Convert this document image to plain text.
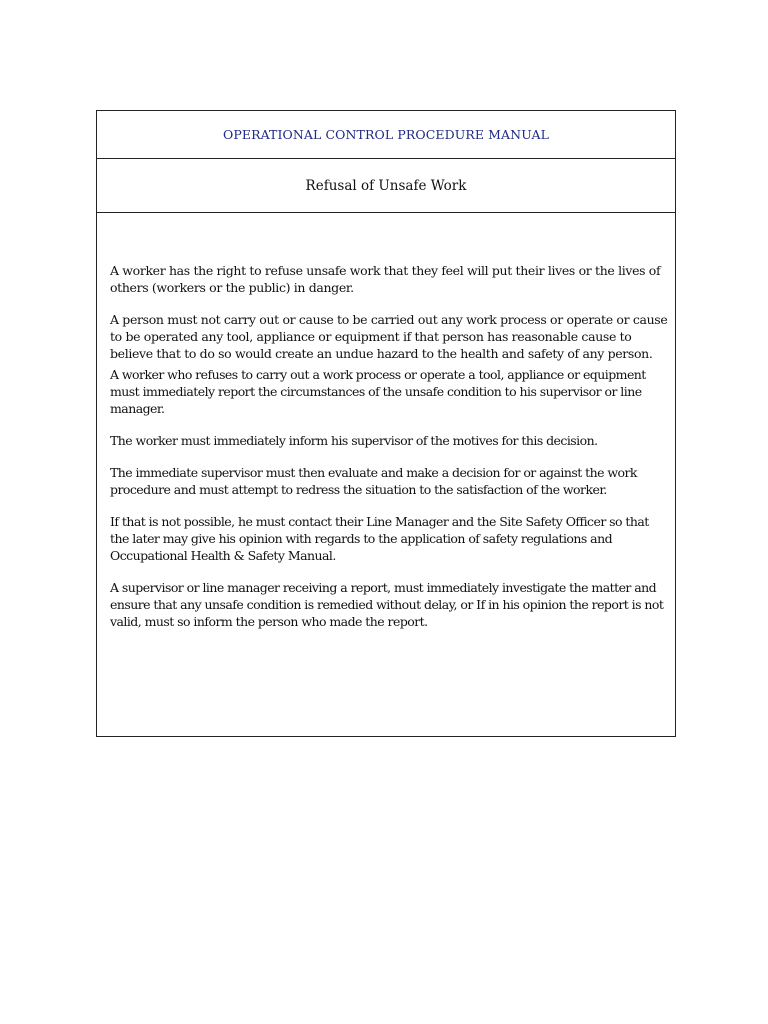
OPERATIONAL CONTROL PROCEDURE MANUAL
Refusal of Unsafe Work

A worker has the right to refuse unsafe work that they feel will put their lives or the lives of others (workers or the public) in danger.

A person must not carry out or cause to be carried out any work process or operate or cause to be operated any tool, appliance or equipment if that person has reasonable cause to believe that to do so would create an undue hazard to the health and safety of any person.

A worker who refuses to carry out a work process or operate a tool, appliance or equipment must immediately report the circumstances of the unsafe condition to his supervisor or line manager.

The worker must immediately inform his supervisor of the motives for this decision.

The immediate supervisor must then evaluate and make a decision for or against the work procedure and must attempt to redress the situation to the satisfaction of the worker.

If that is not possible, he must contact their Line Manager and the Site Safety Officer so that the later may give his opinion with regards to the application of safety regulations and Occupational Health & Safety Manual.

A supervisor or line manager receiving a report, must immediately investigate the matter and ensure that any unsafe condition is remedied without delay, or If in his opinion the report is not valid, must so inform the person who made the report.
